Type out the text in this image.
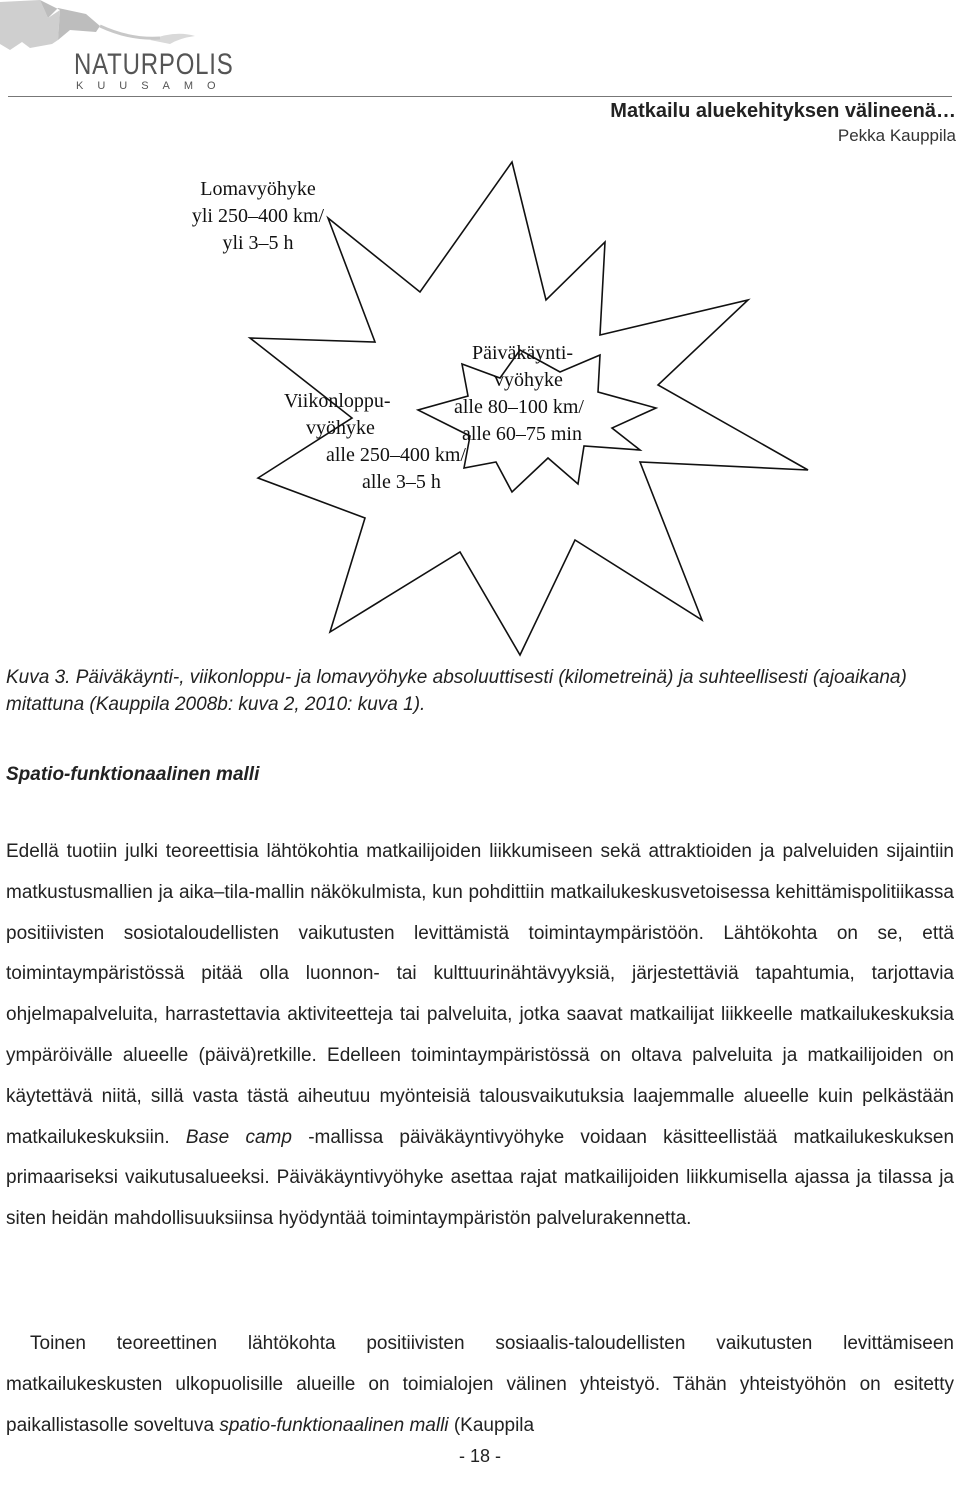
NATURPOLIS
KUUSAMO
Matkailu aluekehityksen välineenä…
Pekka Kauppila
Lomavyöhyke
yli 250–400 km/
yli 3–5 h
Viikonloppu-
vyöhyke
alle 250–400 km/
alle 3–5 h
Päiväkäynti-
vyöhyke
alle 80–100 km/
alle 60–75 min
Kuva 3. Päiväkäynti-, viikonloppu- ja lomavyöhyke absoluuttisesti (kilometreinä) ja suhteellisesti (ajoaikana) mitattuna (Kauppila 2008b: kuva 2, 2010: kuva 1).
Spatio-funktionaalinen malli

Edellä tuotiin julki teoreettisia lähtökohtia matkailijoiden liikkumiseen sekä attraktioiden ja palveluiden sijaintiin matkustusmallien ja aika–tila-mallin näkökulmista, kun pohdittiin matkailukeskusvetoisessa kehittämispolitiikassa positiivisten sosiotaloudellisten vaikutusten levittämistä toimintaympäristöön. Lähtökohta on se, että toimintaympäristössä pitää olla luonnon- tai kulttuurinähtävyyksiä, järjestettäviä tapahtumia, tarjottavia ohjelmapalveluita, harrastettavia aktiviteetteja tai palveluita, jotka saavat matkailijat liikkeelle matkailukeskuksia ympäröivälle alueelle (päivä)retkille. Edelleen toimintaympäristössä on oltava palveluita ja matkailijoiden on käytettävä niitä, sillä vasta tästä aiheutuu myönteisiä talousvaikutuksia laajemmalle alueelle kuin pelkästään matkailukeskuksiin. Base camp -mallissa päiväkäyntivyöhyke voidaan käsitteellistää matkailukeskuksen primaariseksi vaikutusalueeksi. Päiväkäyntivyöhyke asettaa rajat matkailijoiden liikkumisella ajassa ja tilassa ja siten heidän mahdollisuuksiinsa hyödyntää toimintaympäristön palvelurakennetta.

Toinen teoreettinen lähtökohta positiivisten sosiaalis-taloudellisten vaikutusten levittämiseen matkailukeskusten ulkopuolisille alueille on toimialojen välinen yhteistyö. Tähän yhteistyöhön on esitetty paikallistasolle soveltuva spatio-funktionaalinen malli (Kauppila

- 18 -
